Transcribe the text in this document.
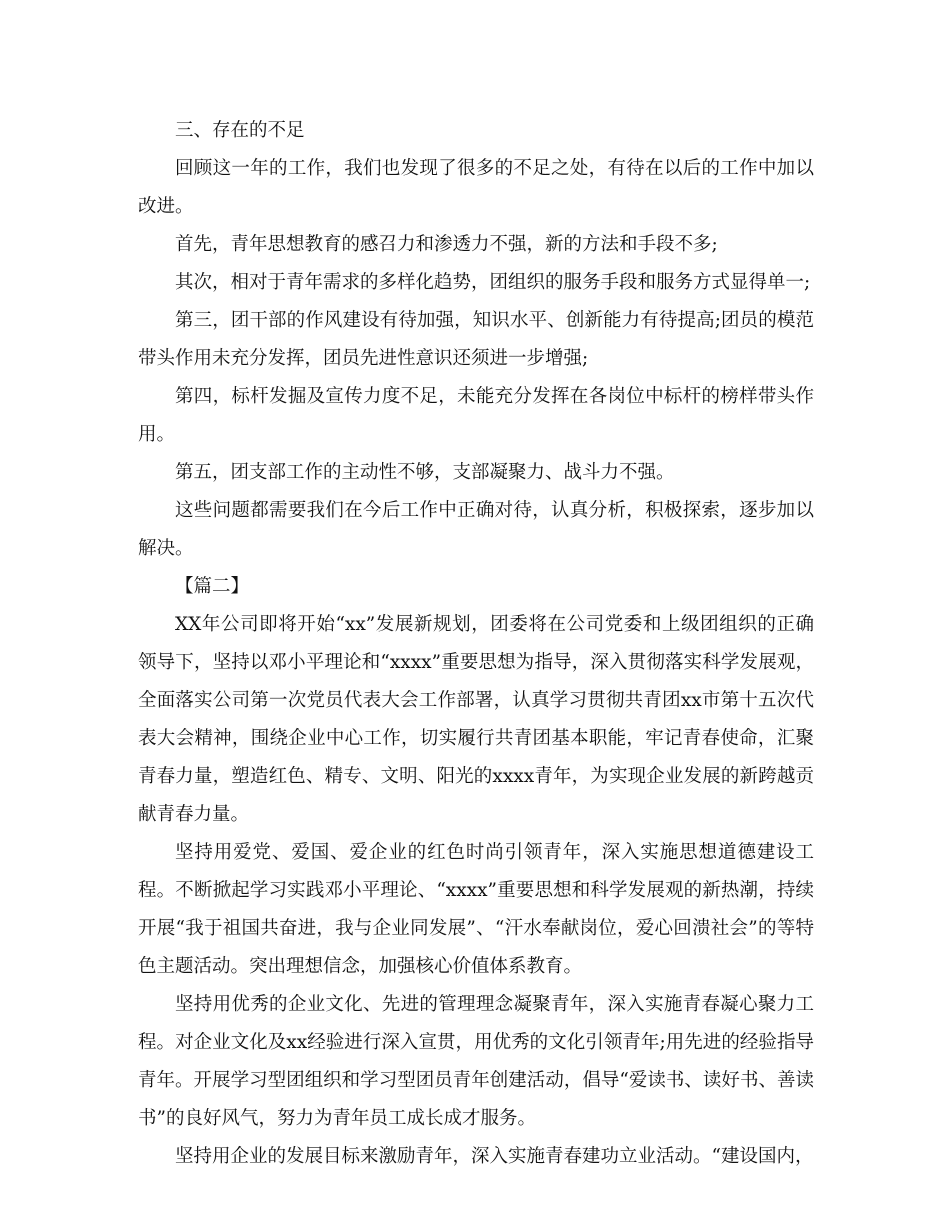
三、存在的不足

回顾这一年的工作，我们也发现了很多的不足之处，有待在以后的工作中加以改进。

首先，青年思想教育的感召力和渗透力不强，新的方法和手段不多;

其次，相对于青年需求的多样化趋势，团组织的服务手段和服务方式显得单一;

第三，团干部的作风建设有待加强，知识水平、创新能力有待提高;团员的模范带头作用未充分发挥，团员先进性意识还须进一步增强;

第四，标杆发掘及宣传力度不足，未能充分发挥在各岗位中标杆的榜样带头作用。

第五，团支部工作的主动性不够，支部凝聚力、战斗力不强。

这些问题都需要我们在今后工作中正确对待，认真分析，积极探索，逐步加以解决。

【篇二】

XX年公司即将开始“xx”发展新规划，团委将在公司党委和上级团组织的正确领导下，坚持以邓小平理论和“xxxx”重要思想为指导，深入贯彻落实科学发展观，全面落实公司第一次党员代表大会工作部署，认真学习贯彻共青团xx市第十五次代表大会精神，围绕企业中心工作，切实履行共青团基本职能，牢记青春使命，汇聚青春力量，塑造红色、精专、文明、阳光的xxxx青年，为实现企业发展的新跨越贡献青春力量。

坚持用爱党、爱国、爱企业的红色时尚引领青年，深入实施思想道德建设工程。不断掀起学习实践邓小平理论、“xxxx”重要思想和科学发展观的新热潮，持续开展“我于祖国共奋进，我与企业同发展”、“汗水奉献岗位，爱心回溃社会”的等特色主题活动。突出理想信念，加强核心价值体系教育。

坚持用优秀的企业文化、先进的管理理念凝聚青年，深入实施青春凝心聚力工程。对企业文化及xx经验进行深入宣贯，用优秀的文化引领青年;用先进的经验指导青年。开展学习型团组织和学习型团员青年创建活动，倡导“爱读书、读好书、善读书”的良好风气，努力为青年员工成长成才服务。

坚持用企业的发展目标来激励青年，深入实施青春建功立业活动。“建设国内，
